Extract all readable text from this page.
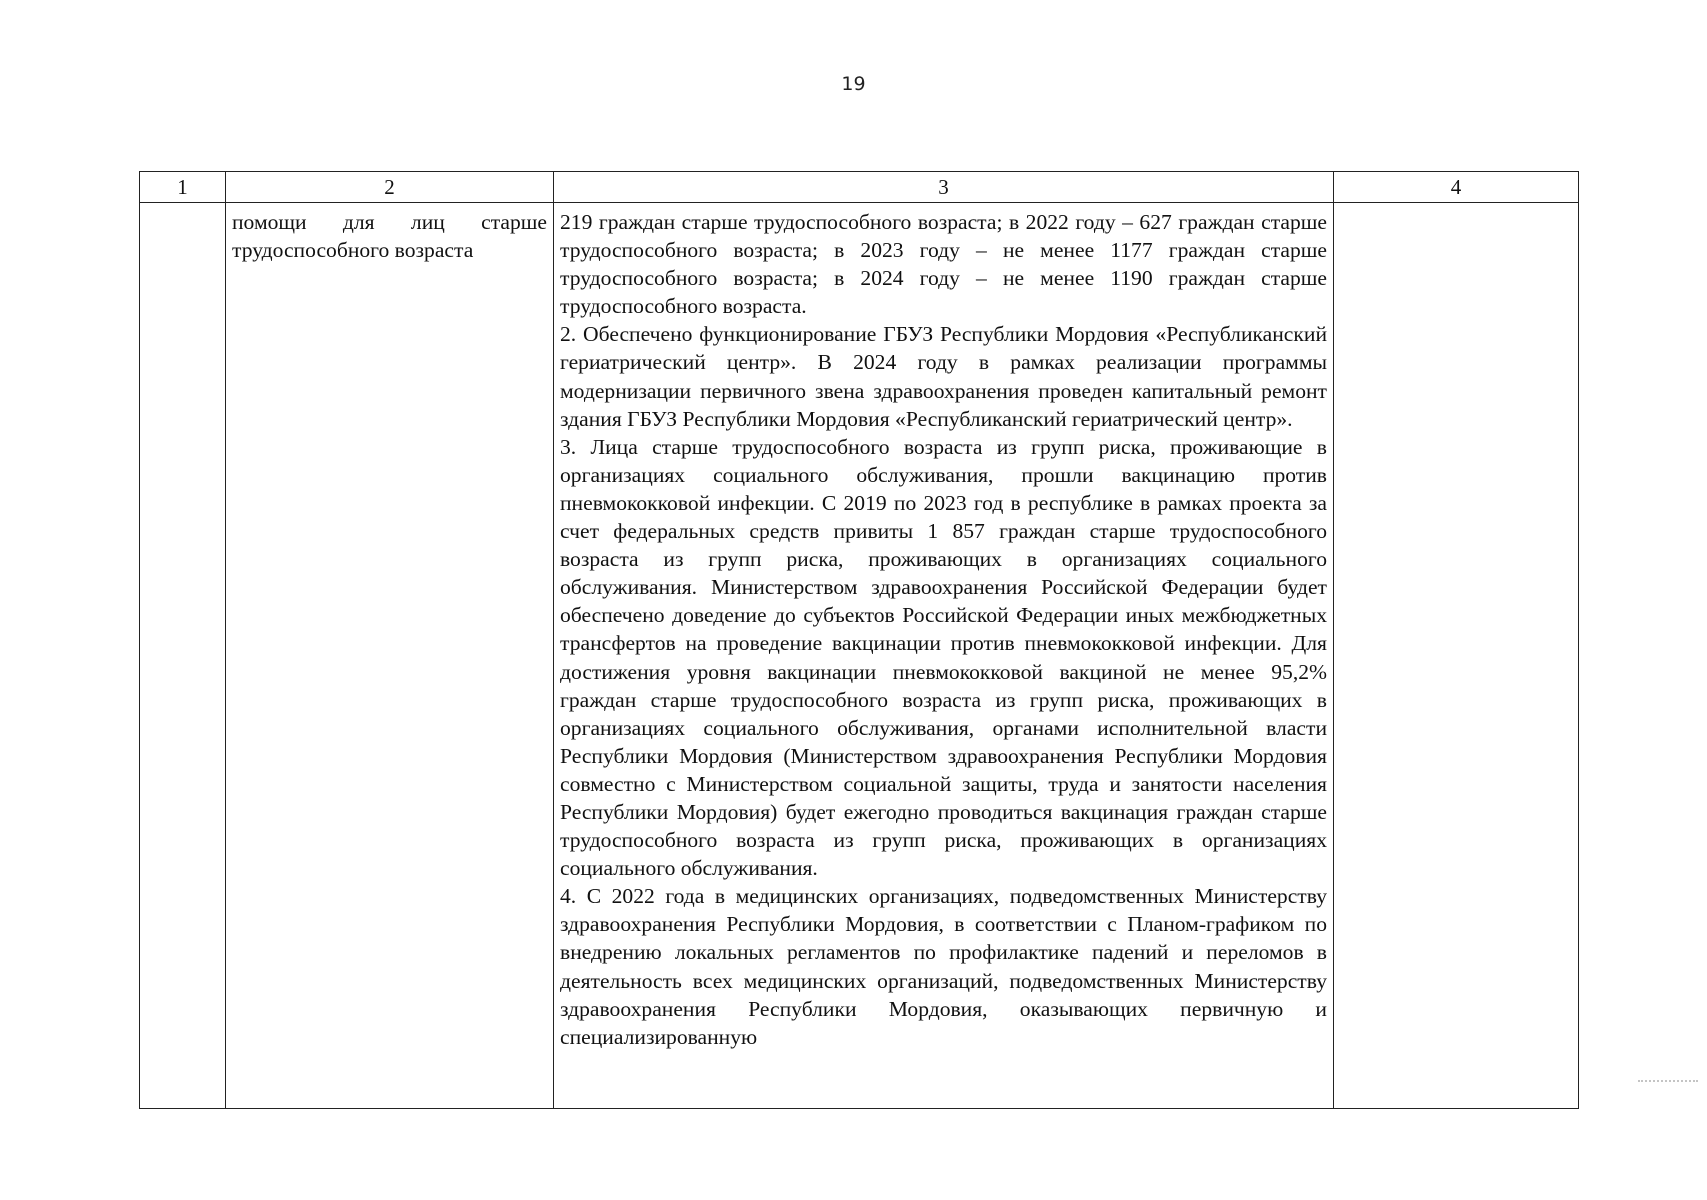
19
1	2	3	4

	помощи для лиц старше трудоспособного возраста	219 граждан старше трудоспособного возраста; в 2022 году – 627 граждан старше трудоспособного возраста; в 2023 году – не менее 1177 граждан старше трудоспособного возраста; в 2024 году – не менее 1190 граждан старше трудоспособного возраста.

2. Обеспечено функционирование ГБУЗ Республики Мордовия «Республиканский гериатрический центр». В 2024 году в рамках реализации программы модернизации первичного звена здравоохранения проведен капитальный ремонт здания ГБУЗ Республики Мордовия «Республиканский гериатрический центр».

3. Лица старше трудоспособного возраста из групп риска, проживающие в организациях социального обслуживания, прошли вакцинацию против пневмококковой инфекции. С 2019 по 2023 год в республике в рамках проекта за счет федеральных средств привиты 1 857 граждан старше трудоспособного возраста из групп риска, проживающих в организациях социального обслуживания. Министерством здравоохранения Российской Федерации будет обеспечено доведение до субъектов Российской Федерации иных межбюджетных трансфертов на проведение вакцинации против пневмококковой инфекции. Для достижения уровня вакцинации пневмококковой вакциной не менее 95,2% граждан старше трудоспособного возраста из групп риска, проживающих в организациях социального обслуживания, органами исполнительной власти Республики Мордовия (Министерством здравоохранения Республики Мордовия совместно с Министерством социальной защиты, труда и занятости населения Республики Мордовия) будет ежегодно проводиться вакцинация граждан старше трудоспособного возраста из групп риска, проживающих в организациях социального обслуживания.

4. С 2022 года в медицинских организациях, подведомственных Министерству здравоохранения Республики Мордовия, в соответствии с Планом-графиком по внедрению локальных регламентов по профилактике падений и переломов в деятельность всех медицинских организаций, подведомственных Министерству здравоохранения Республики Мордовия, оказывающих первичную и специализированную	
